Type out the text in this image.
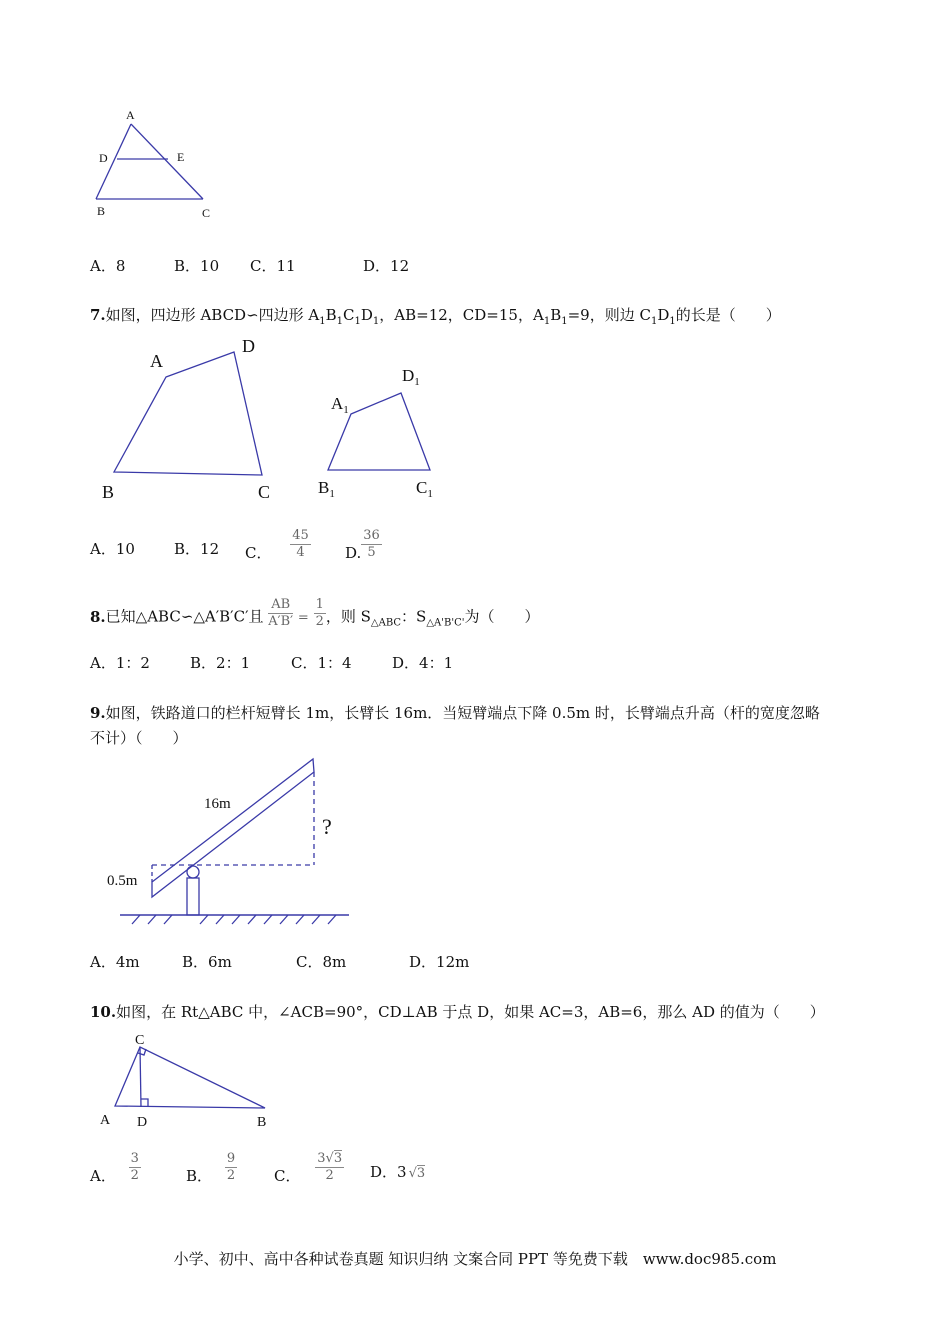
A
D	E
B	C
A．8	B．10 C．11	D．12
7.如图，四边形 ABCD∽四边形 $A_1B_1C_1D_1$，AB=12，CD=15，$A_1B_1=9$，则边 $C_1D_1$的长是（　　）
A
D
B	C
$A_1$
$D_1$
$B_1$	$C_1$
A．10	B．12 C． $\frac{45}{4} D$. $\frac{36}{5}$
8.已知△ABC∽△A′B′C′且 $\frac{AB}{A'B'} = \frac{1}{2}$ ，则 $S_{\triangle ABC}$：$S_{\triangle A'B'C'}$为（　　）
A．1：2	B．2：1	C．1：4	D．4：1
9.如图，铁路道口的栏杆短臂长 1m，长臂长 16m．当短臂端点下降 0.5m 时，长臂端点升高（杆的宽度忽略
不计）（　　）
16m
0.5m
?
A．4m	B．6m	C．8m	D．12m
10.如图，在 Rt△ABC 中，∠ACB=90°，CD⊥AB 于点 D，如果 AC=3，AB=6，那么 AD 的值为（　　）
C
A D	B
A． $\frac{3}{2}$	B． $\frac{9}{2}$ C． $\frac{3√3}{2}$ D．3 √3
小学、初中、高中各种试卷真题 知识归纳 文案合同 PPT 等免费下载　www.doc985.com
